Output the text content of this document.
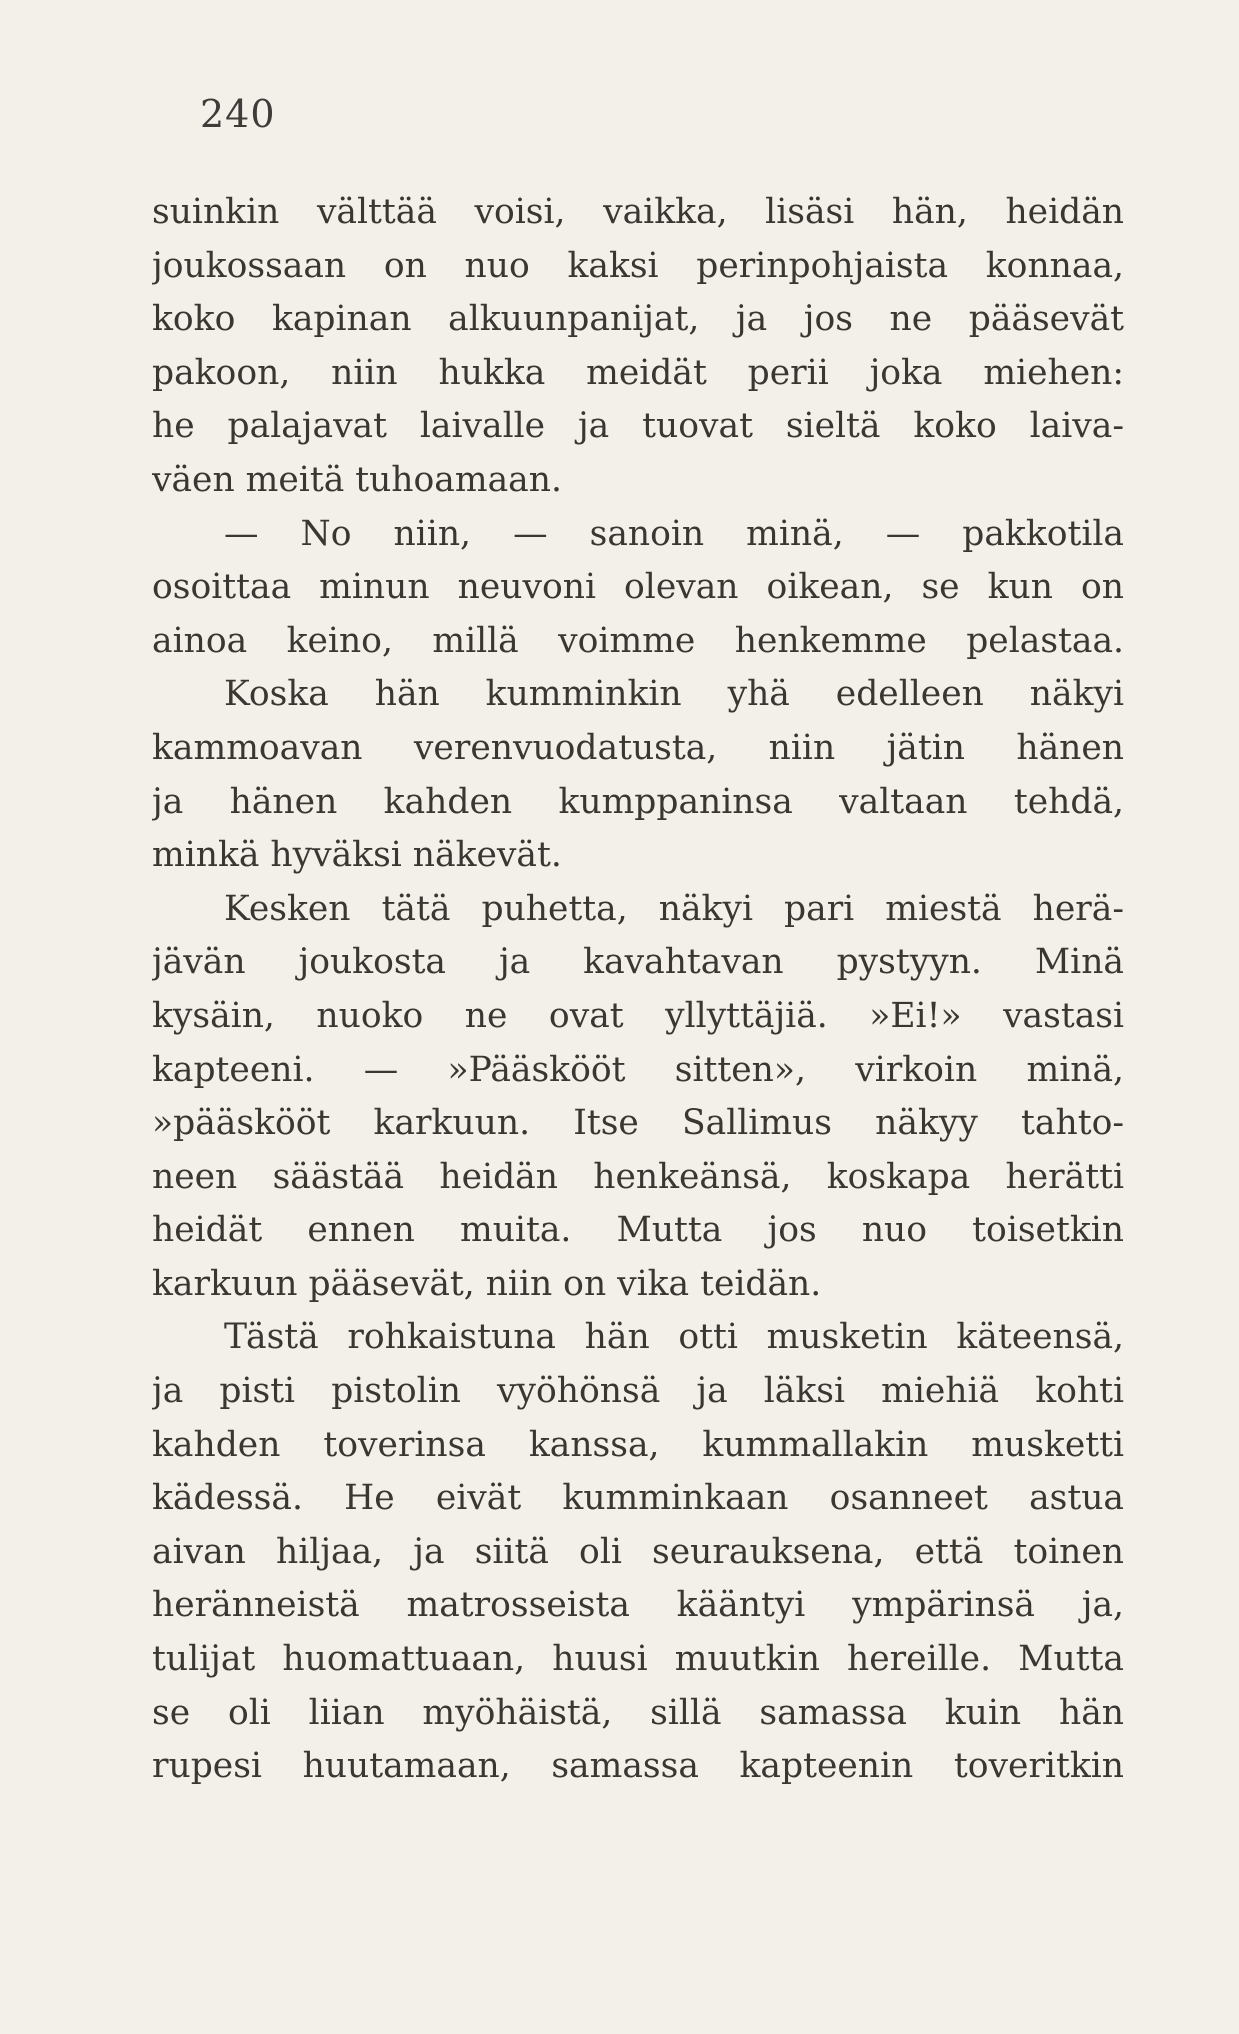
240
suinkin välttää voisi, vaikka, lisäsi hän, heidän
joukossaan on nuo kaksi perinpohjaista konnaa,
koko kapinan alkuunpanijat, ja jos ne pääsevät
pakoon, niin hukka meidät perii joka miehen:
he palajavat laivalle ja tuovat sieltä koko laiva-
väen meitä tuhoamaan.
— No niin, — sanoin minä, — pakkotila
osoittaa minun neuvoni olevan oikean, se kun on
ainoa keino, millä voimme henkemme pelastaa.
Koska hän kumminkin yhä edelleen näkyi
kammoavan verenvuodatusta, niin jätin hänen
ja hänen kahden kumppaninsa valtaan tehdä,
minkä hyväksi näkevät.
Kesken tätä puhetta, näkyi pari miestä herä-
jävän joukosta ja kavahtavan pystyyn. Minä
kysäin, nuoko ne ovat yllyttäjiä. »Ei!» vastasi
kapteeni. — »Pääskööt sitten», virkoin minä,
»pääskööt karkuun. Itse Sallimus näkyy tahto-
neen säästää heidän henkeänsä, koskapa herätti
heidät ennen muita. Mutta jos nuo toisetkin
karkuun pääsevät, niin on vika teidän.
Tästä rohkaistuna hän otti musketin käteensä,
ja pisti pistolin vyöhönsä ja läksi miehiä kohti
kahden toverinsa kanssa, kummallakin musketti
kädessä. He eivät kumminkaan osanneet astua
aivan hiljaa, ja siitä oli seurauksena, että toinen
heränneistä matrosseista kääntyi ympärinsä ja,
tulijat huomattuaan, huusi muutkin hereille. Mutta
se oli liian myöhäistä, sillä samassa kuin hän
rupesi huutamaan, samassa kapteenin toveritkin
